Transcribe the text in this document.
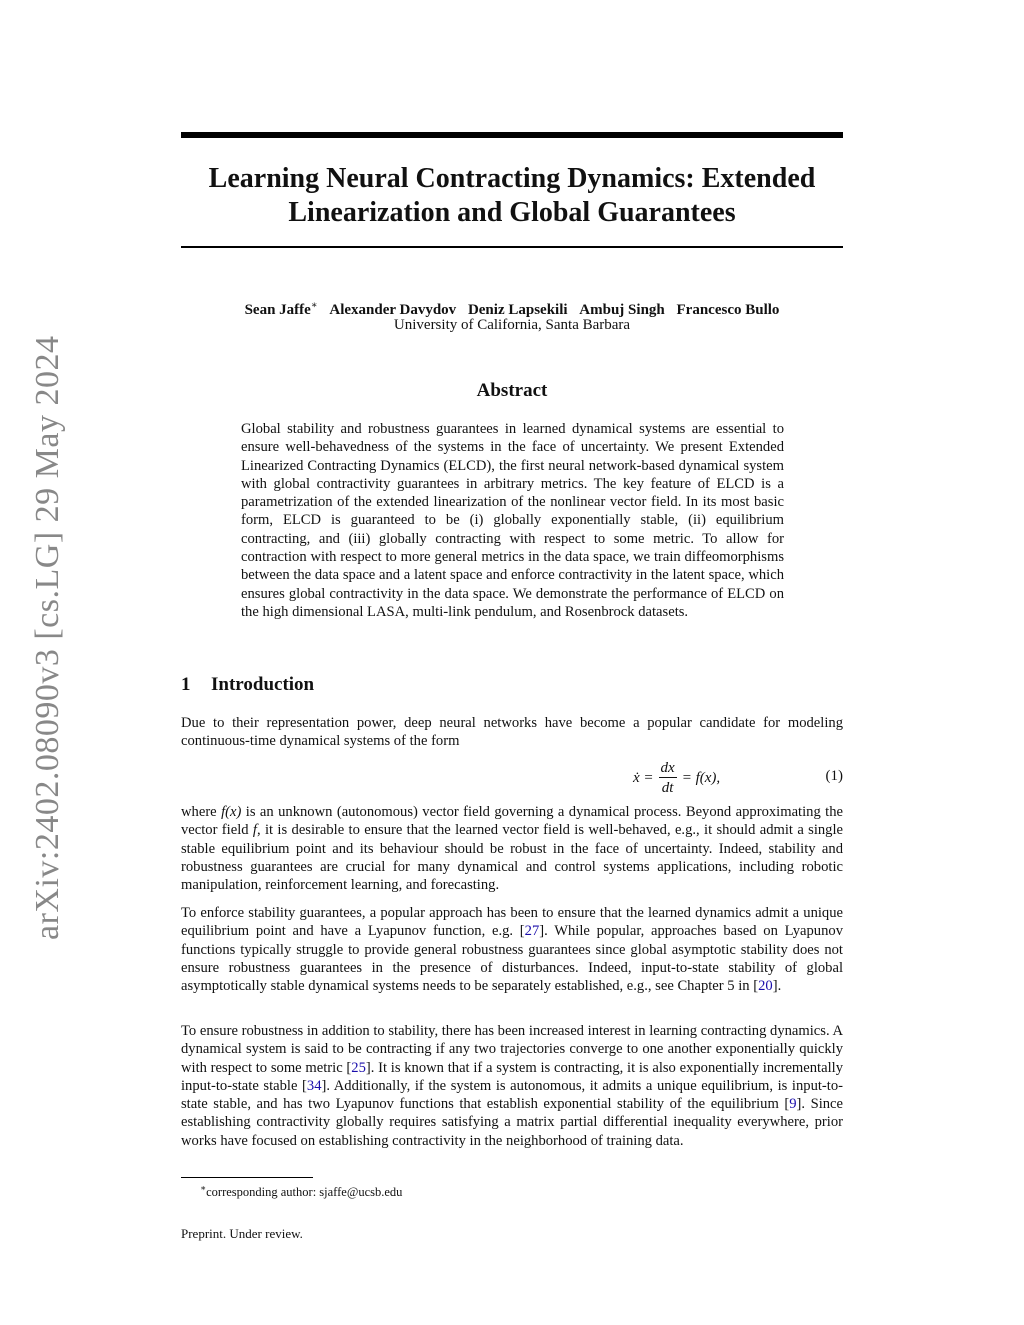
arXiv:2402.08090v3 [cs.LG] 29 May 2024
Learning Neural Contracting Dynamics: Extended Linearization and Global Guarantees
Sean Jaffe∗ Alexander Davydov Deniz Lapsekili Ambuj Singh Francesco Bullo
University of California, Santa Barbara
Abstract
Global stability and robustness guarantees in learned dynamical systems are essential to ensure well-behavedness of the systems in the face of uncertainty. We present Extended Linearized Contracting Dynamics (ELCD), the first neural network-based dynamical system with global contractivity guarantees in arbitrary metrics. The key feature of ELCD is a parametrization of the extended linearization of the nonlinear vector field. In its most basic form, ELCD is guaranteed to be (i) globally exponentially stable, (ii) equilibrium contracting, and (iii) globally contracting with respect to some metric. To allow for contraction with respect to more general metrics in the data space, we train diffeomorphisms between the data space and a latent space and enforce contractivity in the latent space, which ensures global contractivity in the data space. We demonstrate the performance of ELCD on the high dimensional LASA, multi-link pendulum, and Rosenbrock datasets.
1 Introduction

Due to their representation power, deep neural networks have become a popular candidate for modeling continuous-time dynamical systems of the form

ẋ = $\frac{dx}{dt} = f(x)$,	(1)

where f(x) is an unknown (autonomous) vector field governing a dynamical process. Beyond approximating the vector field f, it is desirable to ensure that the learned vector field is well-behaved, e.g., it should admit a single stable equilibrium point and its behaviour should be robust in the face of uncertainty. Indeed, stability and robustness guarantees are crucial for many dynamical and control systems applications, including robotic manipulation, reinforcement learning, and forecasting.

To enforce stability guarantees, a popular approach has been to ensure that the learned dynamics admit a unique equilibrium point and have a Lyapunov function, e.g. [27]. While popular, approaches based on Lyapunov functions typically struggle to provide general robustness guarantees since global asymptotic stability does not ensure robustness guarantees in the presence of disturbances. Indeed, input-to-state stability of global asymptotically stable dynamical systems needs to be separately established, e.g., see Chapter 5 in [20].

To ensure robustness in addition to stability, there has been increased interest in learning contracting dynamics. A dynamical system is said to be contracting if any two trajectories converge to one another exponentially quickly with respect to some metric [25]. It is known that if a system is contracting, it is also exponentially incrementally input-to-state stable [34]. Additionally, if the system is autonomous, it admits a unique equilibrium, is input-to-state stable, and has two Lyapunov functions that establish exponential stability of the equilibrium [9]. Since establishing contractivity globally requires satisfying a matrix partial differential inequality everywhere, prior works have focused on establishing contractivity in the neighborhood of training data.

∗corresponding author: sjaffe@ucsb.edu
Preprint. Under review.
